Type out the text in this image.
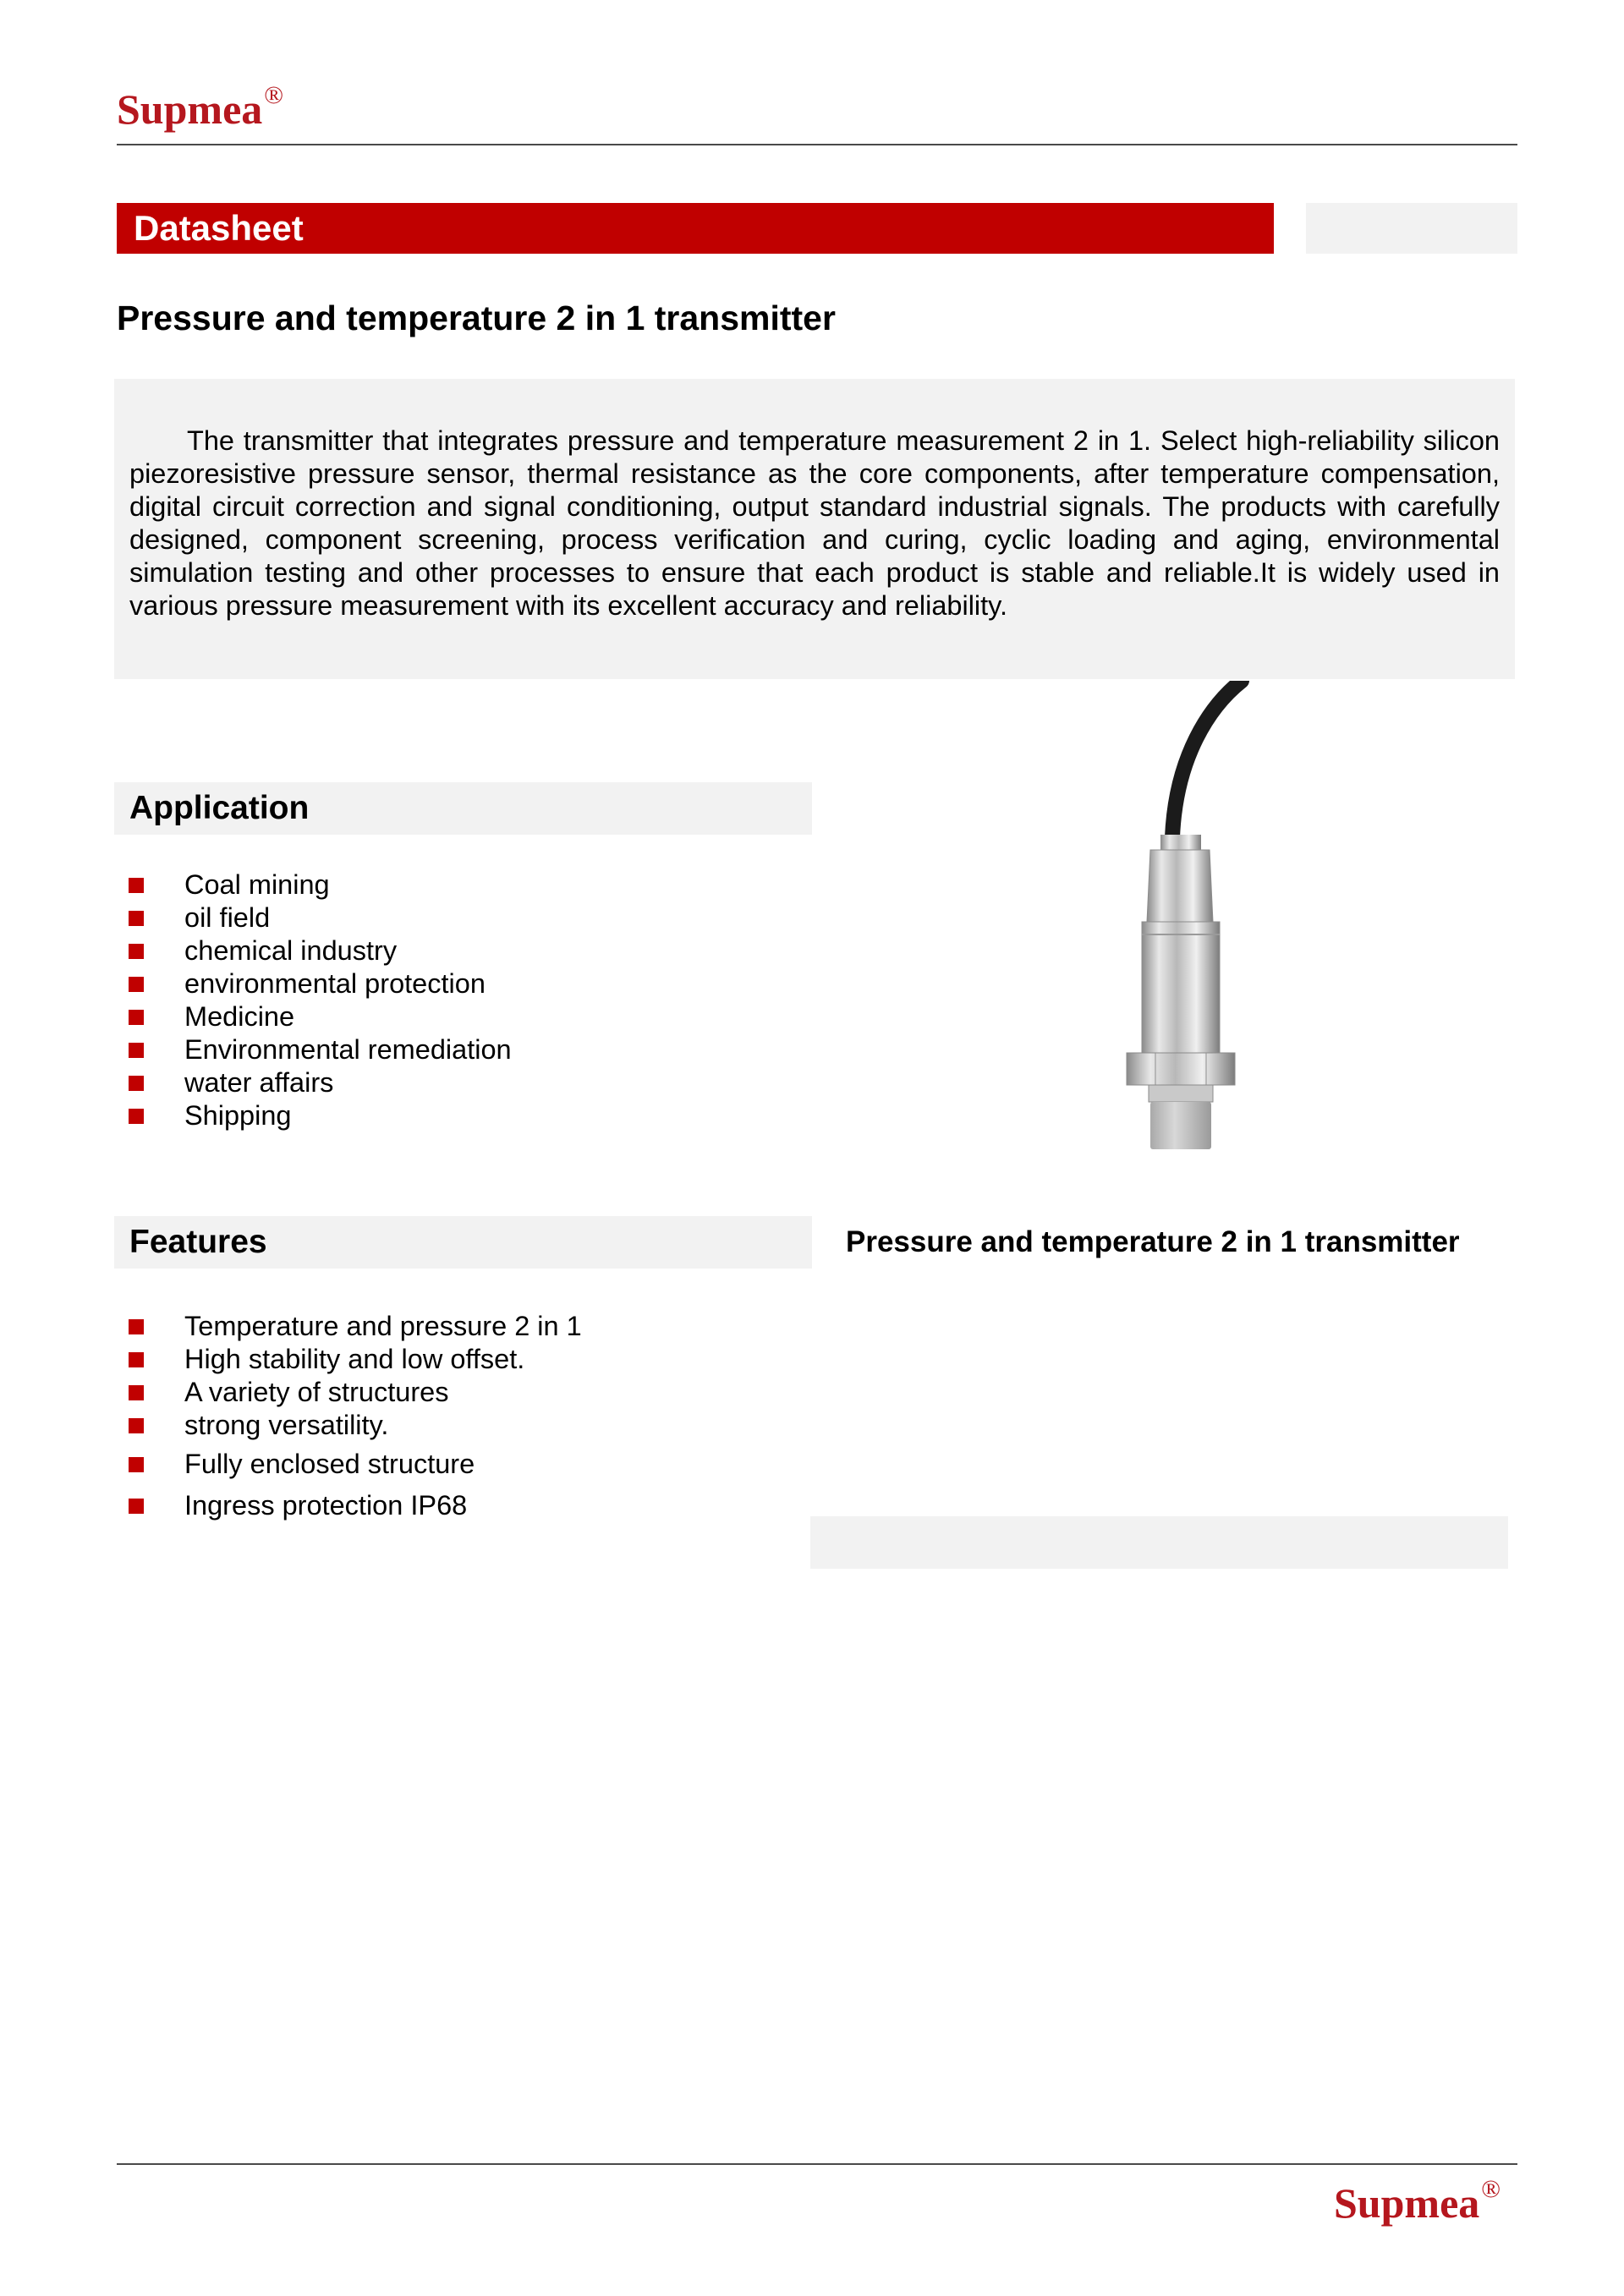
Supmea®
Datasheet
Pressure and temperature 2 in 1 transmitter

The transmitter that integrates pressure and temperature measurement 2 in 1. Select high-reliability silicon piezoresistive pressure sensor, thermal resistance as the core components, after temperature compensation, digital circuit correction and signal conditioning, output standard industrial signals. The products with carefully designed, component screening, process verification and curing, cyclic loading and aging, environmental simulation testing and other processes to ensure that each product is stable and reliable.It is widely used in various pressure measurement with its excellent accuracy and reliability.

Application
Coal mining
oil field
chemical industry
environmental protection
Medicine
Environmental remediation
water affairs
Shipping
Features
Temperature and pressure 2 in 1
High stability and low offset.
A variety of structures
strong versatility.
Fully enclosed structure
Ingress protection IP68
Pressure and temperature 2 in 1 transmitter
Supmea®
